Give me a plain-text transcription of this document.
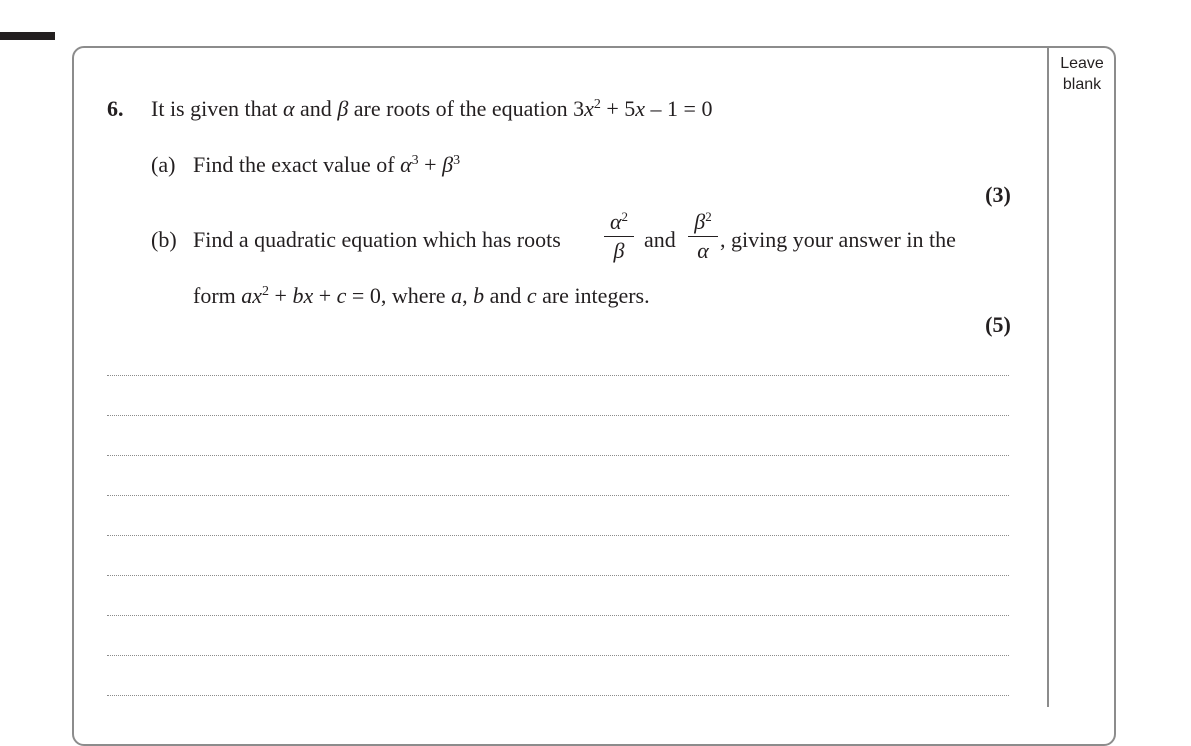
Leave
blank
6. It is given that α and β are roots of the equation $3x^2 + 5x - 1 = 0$
(a) Find the exact value of $\alpha^3 + \beta^3$
(3)
(b) Find a quadratic equation which has roots
$\alpha^2$
β and
$\beta^2$
α , giving your answer in the
form $ax^2$ + bx + c = 0, where a, b and c are integers.
(5)
